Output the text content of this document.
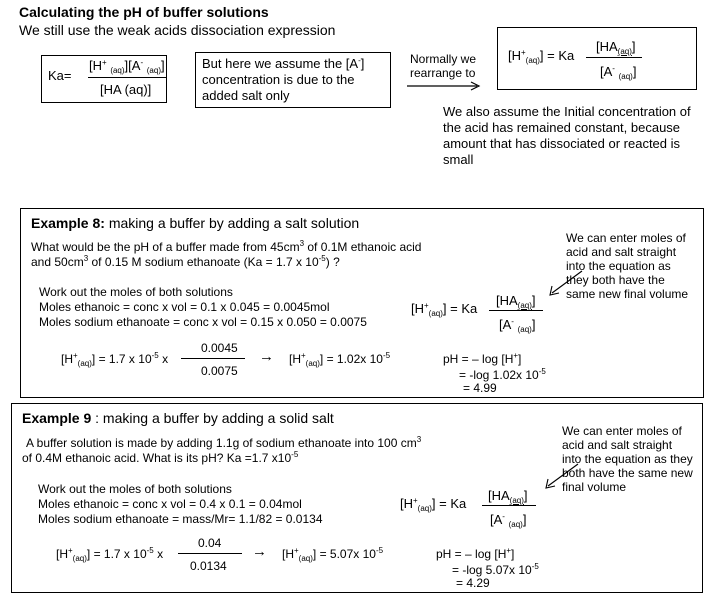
Calculating the pH of buffer solutions
We still use the weak acids dissociation expression
Ka=
[H+ $_{(aq)}$][A- $_{(aq)}$]
[HA (aq)]
But here we assume the [A-]
concentration is due to the
added salt only
Normally we
rearrange to
$[H^+_{(aq)}] = Ka$
$[HA_{(aq)}]$
[A- $_{(aq)}$]
We also assume the Initial concentration of the acid has remained constant, because amount that has dissociated or reacted is small
Example 8: making a buffer by adding a salt solution
What would be the pH of a buffer made from $45cm^3$ of 0.1M ethanoic acid
and $50cm^3$ of 0.15 M sodium ethanoate (Ka = 1.7 x $10^{-5}$) ?
We can enter moles of acid and salt straight into the equation as they both have the same new final volume
Work out the moles of both solutions
Moles ethanoic = conc x vol = 0.1 x 0.045 = 0.0045mol
Moles sodium ethanoate = conc x vol = 0.15 x 0.050 = 0.0075
$[H^+_{(aq)}] = Ka$
$[HA_{(aq)}]$
[A- $_{(aq)}$]
$[H^+_{(aq)}] = 1.7$ x $10^{-5}$ x
0.0045
0.0075
→ $[H^+_{(aq)}] = 1.02x$ $10^{-5}$	pH = – log [H+]
= -log 1.02x $10^{-5}$
= 4.99
Example 9 : making a buffer by adding a solid salt
A buffer solution is made by adding 1.1g of sodium ethanoate into 100 $cm^3$
of 0.4M ethanoic acid. What is its pH? Ka =1.7 $x10^{-5}$
We can enter moles of acid and salt straight into the equation as they both have the same new final volume
Work out the moles of both solutions
Moles ethanoic = conc x vol = 0.4 x 0.1 = 0.04mol
Moles sodium ethanoate = mass/Mr= 1.1/82 = 0.0134
$[H^+_{(aq)}] = Ka$
$[HA_{(aq)}]$
[A- $_{(aq)}$]
$[H^+_{(aq)}] = 1.7$ x $10^{-5}$ x
0.04
0.0134
→ $[H^+_{(aq)}] = 5.07x$ $10^{-5}$	pH = – log [H+]
= -log 5.07x $10^{-5}$
= 4.29
